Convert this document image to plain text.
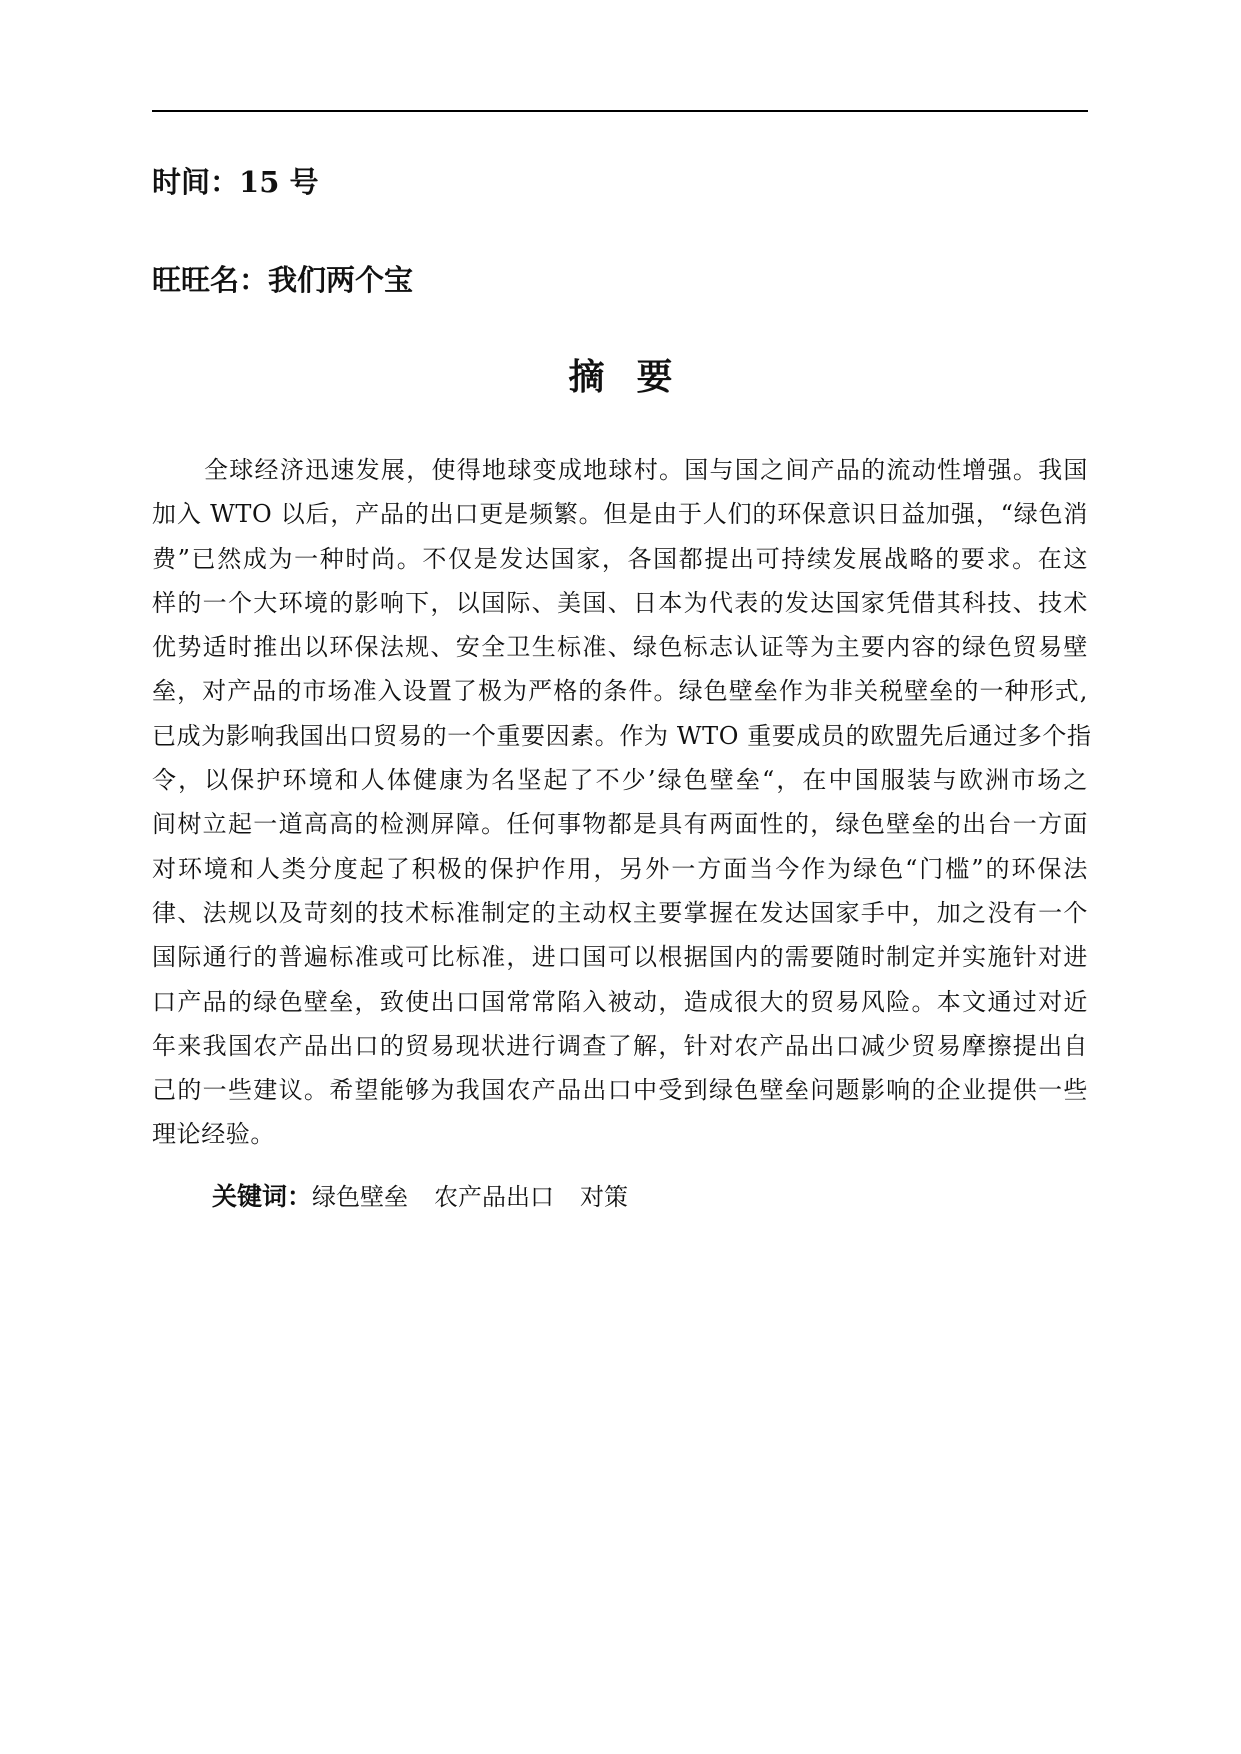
时间：15 号
旺旺名：我们两个宝
摘要
全球经济迅速发展，使得地球变成地球村。国与国之间产品的流动性增强。我国
加入 WTO 以后，产品的出口更是频繁。但是由于人们的环保意识日益加强，“绿色消
费”已然成为一种时尚。不仅是发达国家，各国都提出可持续发展战略的要求。在这
样的一个大环境的影响下，以国际、美国、日本为代表的发达国家凭借其科技、技术
优势适时推出以环保法规、安全卫生标准、绿色标志认证等为主要内容的绿色贸易壁
垒，对产品的市场准入设置了极为严格的条件。绿色壁垒作为非关税壁垒的一种形式,
已成为影响我国出口贸易的一个重要因素。作为 WTO 重要成员的欧盟先后通过多个指
令，以保护环境和人体健康为名坚起了不少’绿色壁垒“，在中国服装与欧洲市场之
间树立起一道高高的检测屏障。任何事物都是具有两面性的，绿色壁垒的出台一方面
对环境和人类分度起了积极的保护作用，另外一方面当今作为绿色“门槛”的环保法
律、法规以及苛刻的技术标准制定的主动权主要掌握在发达国家手中，加之没有一个
国际通行的普遍标准或可比标准，进口国可以根据国内的需要随时制定并实施针对进
口产品的绿色壁垒，致使出口国常常陷入被动，造成很大的贸易风险。本文通过对近
年来我国农产品出口的贸易现状进行调查了解，针对农产品出口减少贸易摩擦提出自
己的一些建议。希望能够为我国农产品出口中受到绿色壁垒问题影响的企业提供一些
理论经验。
关键词：绿色壁垒 农产品出口 对策
